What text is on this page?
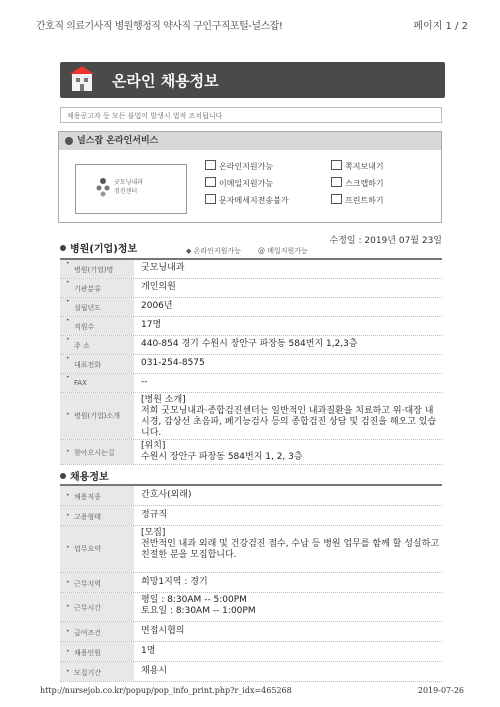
간호직 의료기사직 병원행정직 약사직 구인구직포털-널스잡!	페이지 1 / 2
온라인 채용정보
채용공고자 등 모든 불법이 발생시 법적 조치됩니다
널스잡 온라인서비스
굿모닝내과
검진센터
온라인지원가능
이메일지원가능
문자메세지전송불가
쪽지보내기
스크랩하기
프린트하기
병원(기업)정보	◆ 온라인지원가능 @ 메일지원가능
수정일 : 2019년 07월 23일
•
병원(기업)명	굿모닝내과
•
기관분류	개인의원
•
설립년도	2006년
•
직원수	17명
•
주 소	440-854 경기 수원시 장안구 파장동 584번지 1,2,3층
•
대표전화	031-254-8575
•
FAX	--
• 병원(기업)소개
[병원 소개]
저희 굿모닝내과·종합검진센터는 일반적인 내과질환을 치료하고 위·대장 내시경, 갑상선 초음파, 폐기능검사 등의 종합검진 상담 및 검진을 해오고 있습니다.
• 찾아오시는길
[위치]
수원시 장안구 파장동 584번지 1, 2, 3층
채용정보
• 채용직종	간호사(외래)
• 고용형태	정규직
• 업무요약
[모집]
전반적인 내과 외래 및 건강검진 접수, 수납 등 병원 업무를 함께 할 성실하고 친절한 분을 모집합니다.
• 근무지역	희망1지역 : 경기
• 근무시간
평일 : 8:30AM -- 5:00PM
토요일 : 8:30AM -- 1:00PM
• 급여조건	면접시협의
• 채용인원	1명
• 모집기간	채용시
http://nursejob.co.kr/popup/pop_info_print.php?r_idx=465268	2019-07-26
